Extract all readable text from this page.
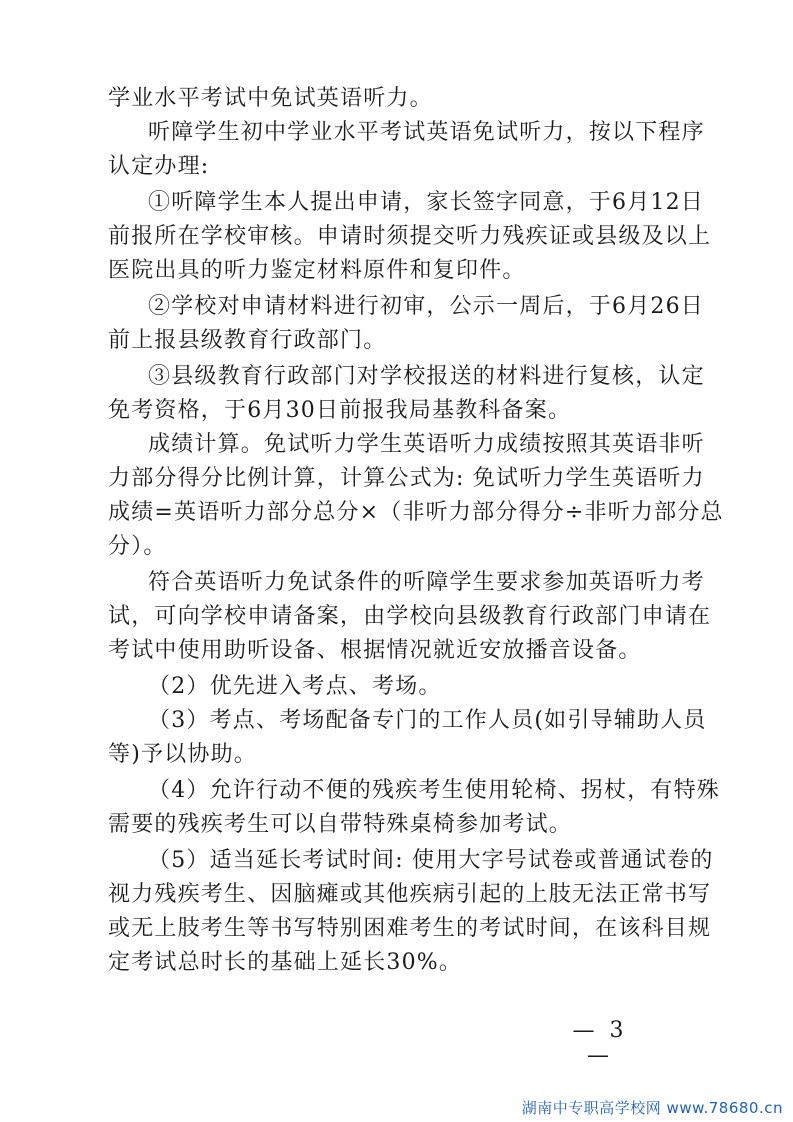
学业水平考试中免试英语听力。
听障学生初中学业水平考试英语免试听力，按以下程序
认定办理:
①听障学生本人提出申请，家长签字同意，于6月12日
前报所在学校审核。申请时须提交听力残疾证或县级及以上
医院出具的听力鉴定材料原件和复印件。
②学校对申请材料进行初审，公示一周后，于6月26日
前上报县级教育行政部门。
③县级教育行政部门对学校报送的材料进行复核，认定
免考资格，于6月30日前报我局基教科备案。
成绩计算。免试听力学生英语听力成绩按照其英语非听
力部分得分比例计算，计算公式为: 免试听力学生英语听力
成绩=英语听力部分总分×（非听力部分得分÷非听力部分总
分）。
符合英语听力免试条件的听障学生要求参加英语听力考
试，可向学校申请备案，由学校向县级教育行政部门申请在
考试中使用助听设备、根据情况就近安放播音设备。
（2）优先进入考点、考场。
（3）考点、考场配备专门的工作人员(如引导辅助人员
等)予以协助。
（4）允许行动不便的残疾考生使用轮椅、拐杖，有特殊
需要的残疾考生可以自带特殊桌椅参加考试。
（5）适当延长考试时间: 使用大字号试卷或普通试卷的
视力残疾考生、因脑瘫或其他疾病引起的上肢无法正常书写
或无上肢考生等书写特别困难考生的考试时间，在该科目规
定考试总时长的基础上延长30%。
— 3 —
湖南中专职高学校网 www.78680.cn
